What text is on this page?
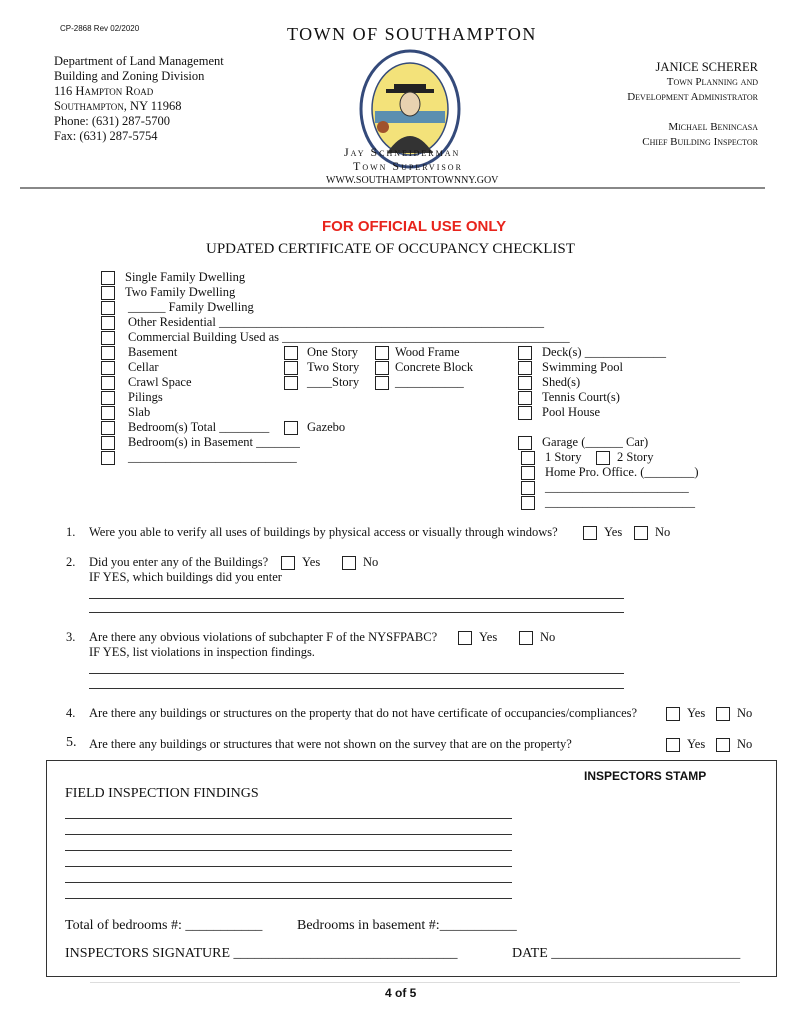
CP-2868 Rev 02/2020	TOWN OF SOUTHAMPTON
Department of Land Management
Building and Zoning Division
116 Hampton Road
Southampton, NY 11968
Phone: (631) 287-5700
Fax: (631) 287-5754
Jay Schneiderman
Town Supervisor
WWW.SOUTHAMPTONTOWNNY.GOV
JANICE SCHERER
Town Planning and
Development Administrator
Michael Benincasa
Chief Building Inspector
FOR OFFICIAL USE ONLY
UPDATED CERTIFICATE OF OCCUPANCY CHECKLIST
INSPECTORS STAMP
FIELD INSPECTION FINDINGS
Total of bedrooms #: ___________ Bedrooms in basement #:___________
INSPECTORS SIGNATURE ________________________________	DATE ___________________________
4 of 5
Single Family Dwelling
Two Family Dwelling
______ Family Dwelling
Other Residential ____________________________________________________
Commercial Building Used as ______________________________________________
Basement
Cellar
Crawl Space
Pilings
Slab
Bedroom(s) Total ________
Bedroom(s) in Basement _______
___________________________
One Story
Two Story
____Story
Gazebo
Wood Frame
Concrete Block
___________
Deck(s) _____________
Swimming Pool
Shed(s)
Tennis Court(s)
Pool House
Garage (______ Car)
1 Story	2 Story
Home Pro. Office. (________)
_______________________
________________________
1. Were you able to verify all uses of buildings by physical access or visually through windows?	Yes	No
2. Did you enter any of the Buildings?	Yes	No
IF YES, which buildings did you enter
3. Are there any obvious violations of subchapter F of the NYSFPABC?	Yes	No
IF YES, list violations in inspection findings.
4. Are there any buildings or structures on the property that do not have certificate of occupancies/compliances?	Yes	No
5. Are there any buildings or structures that were not shown on the survey that are on the property?	Yes	No
